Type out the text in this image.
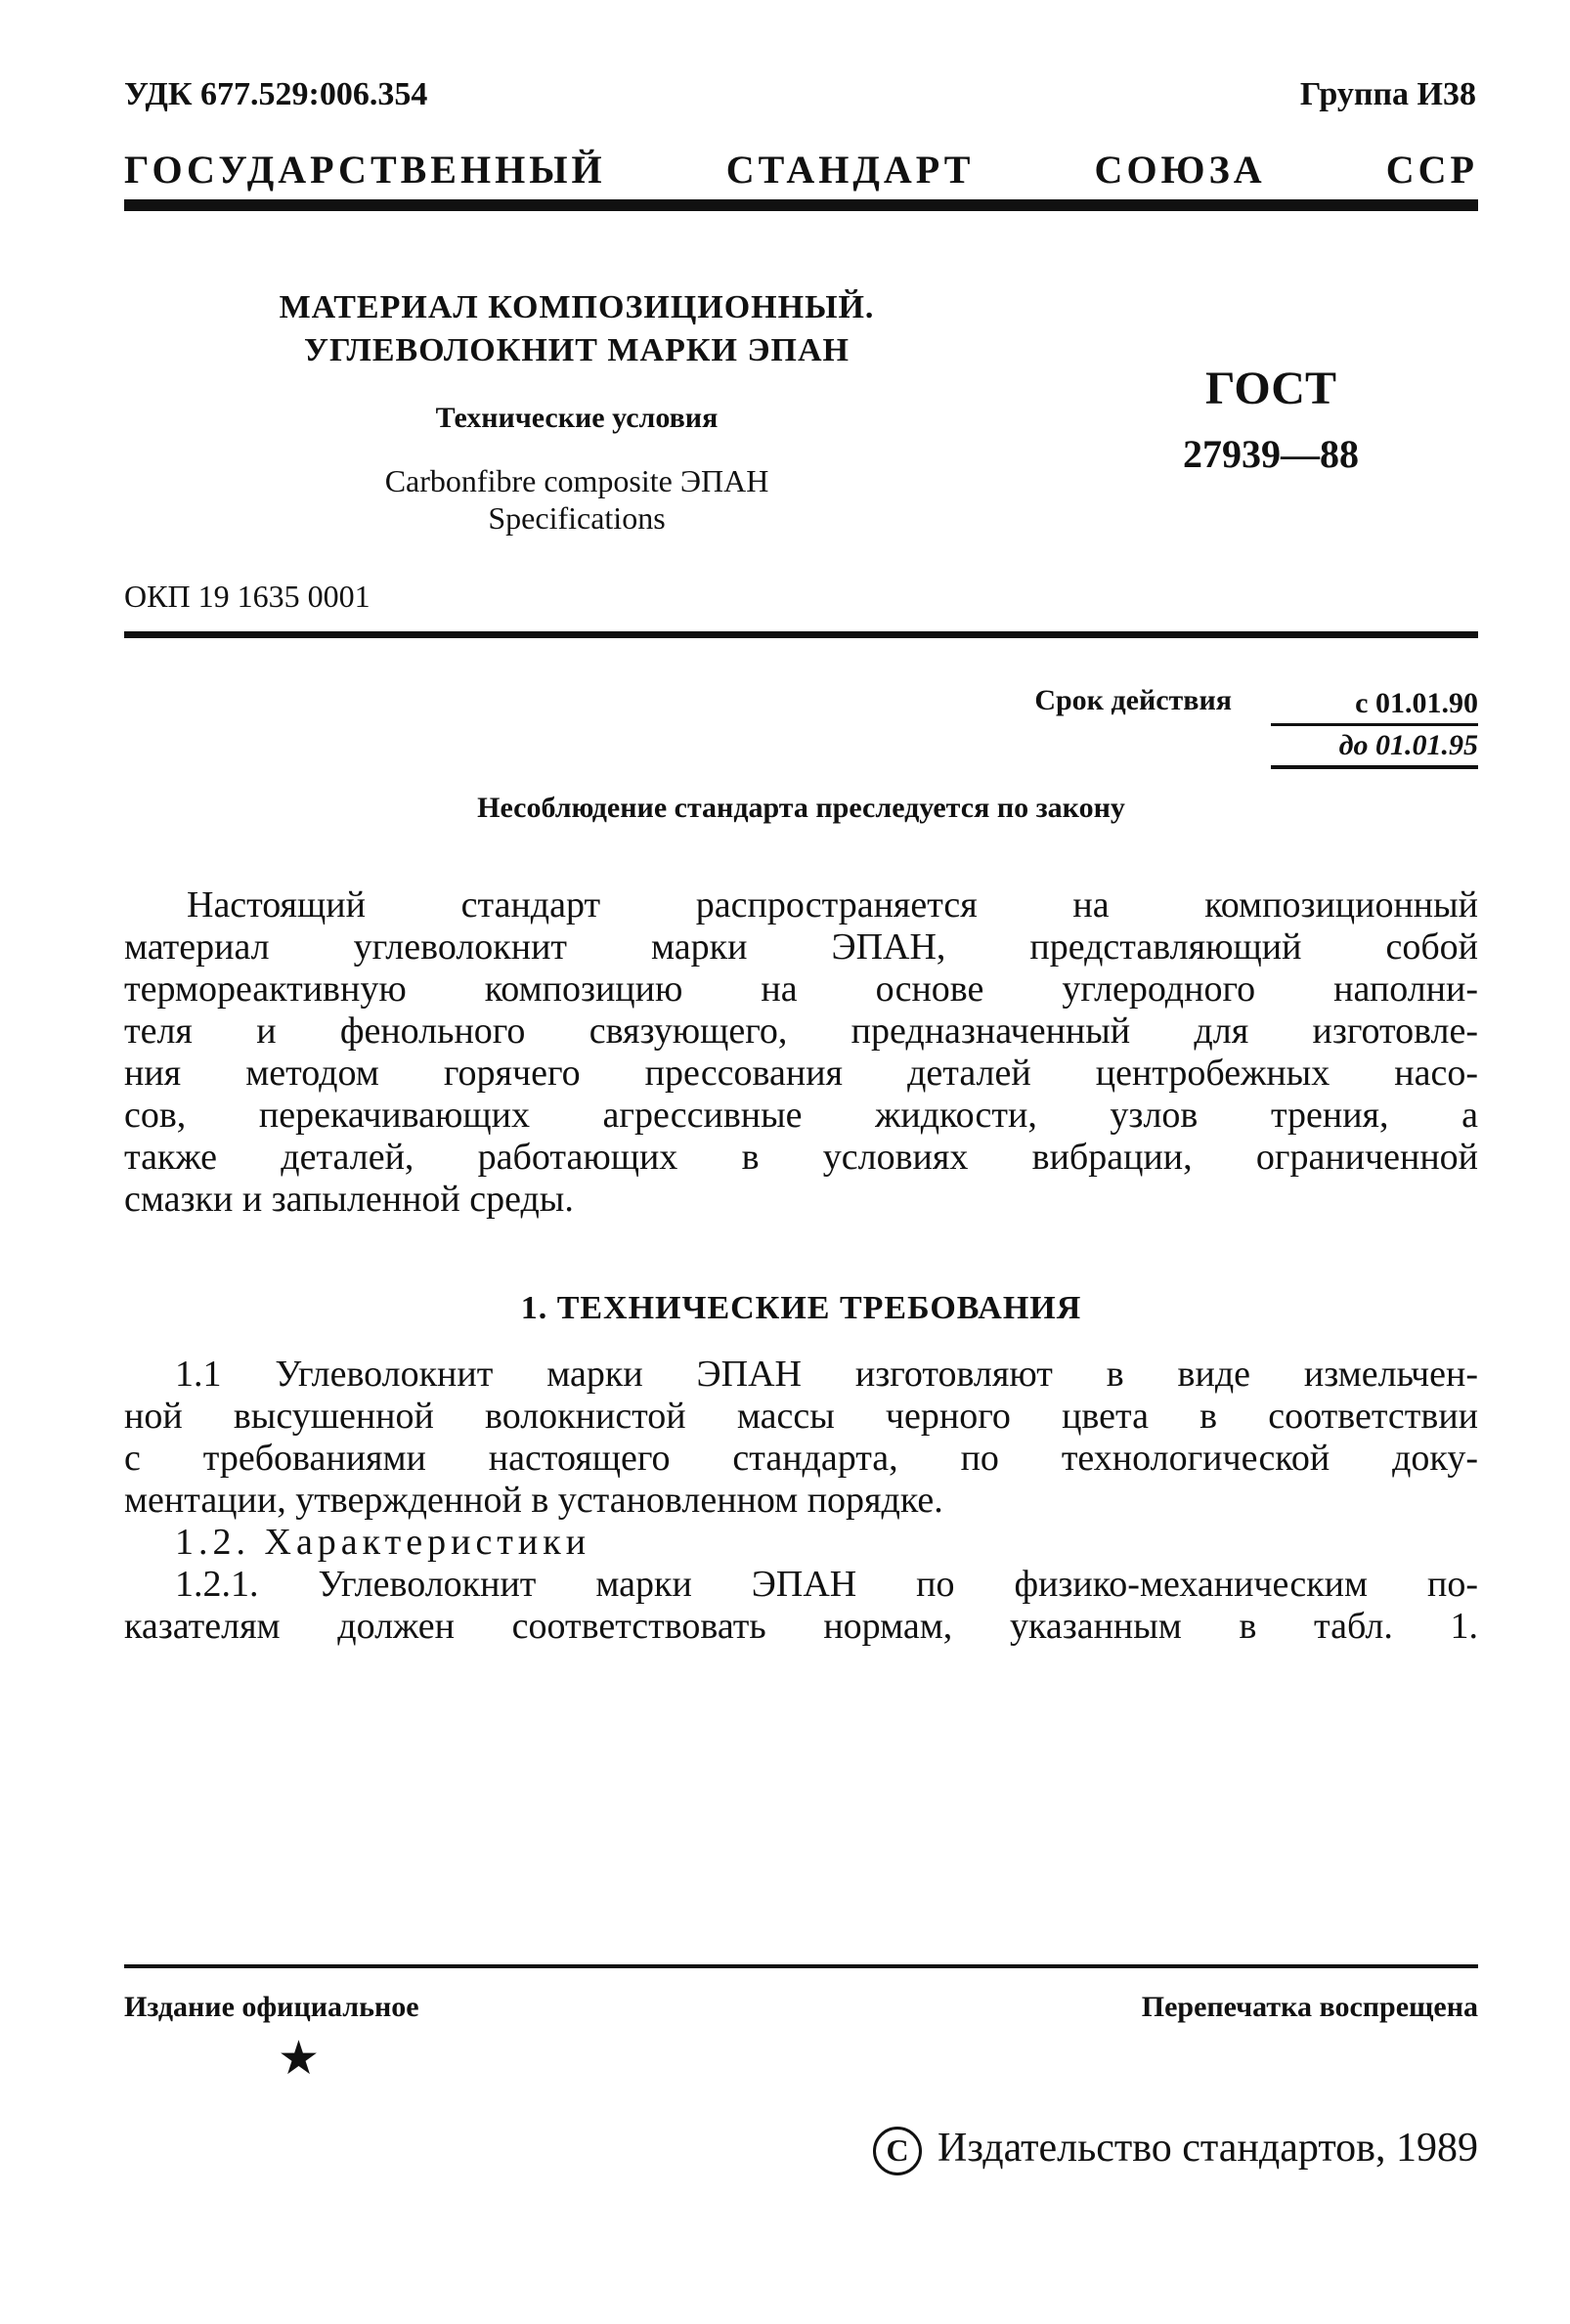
УДК 677.529:006.354	Группа И38
ГОСУДАРСТВЕННЫЙ СТАНДАРТ СОЮЗА ССР
МАТЕРИАЛ КОМПОЗИЦИОННЫЙ.
УГЛЕВОЛОКНИТ МАРКИ ЭПАН
Технические условия
Carbonfibre composite ЭПАН
Specifications
ГОСТ
27939—88
ОКП 19 1635 0001
Срок действия	с 01.01.90
до 01.01.95
Несоблюдение стандарта преследуется по закону
Настоящий стандарт распространяется на композиционный
материал углеволокнит марки ЭПАН, представляющий собой
термореактивную композицию на основе углеродного наполни-
теля и фенольного связующего, предназначенный для изготовле-
ния методом горячего прессования деталей центробежных насо-
сов, перекачивающих агрессивные жидкости, узлов трения, а
также деталей, работающих в условиях вибрации, ограниченной
смазки и запыленной среды.
1. ТЕХНИЧЕСКИЕ ТРЕБОВАНИЯ
1.1 Углеволокнит марки ЭПАН изготовляют в виде измельчен-
ной высушенной волокнистой массы черного цвета в соответствии
с требованиями настоящего стандарта, по технологической доку-
ментации, утвержденной в установленном порядке.
1.2. Характеристики
1.2.1. Углеволокнит марки ЭПАН по физико-механическим по-
казателям должен соответствовать нормам, указанным в табл. 1.
Издание официальное	Перепечатка воспрещена
★
C Издательство стандартов, 1989
